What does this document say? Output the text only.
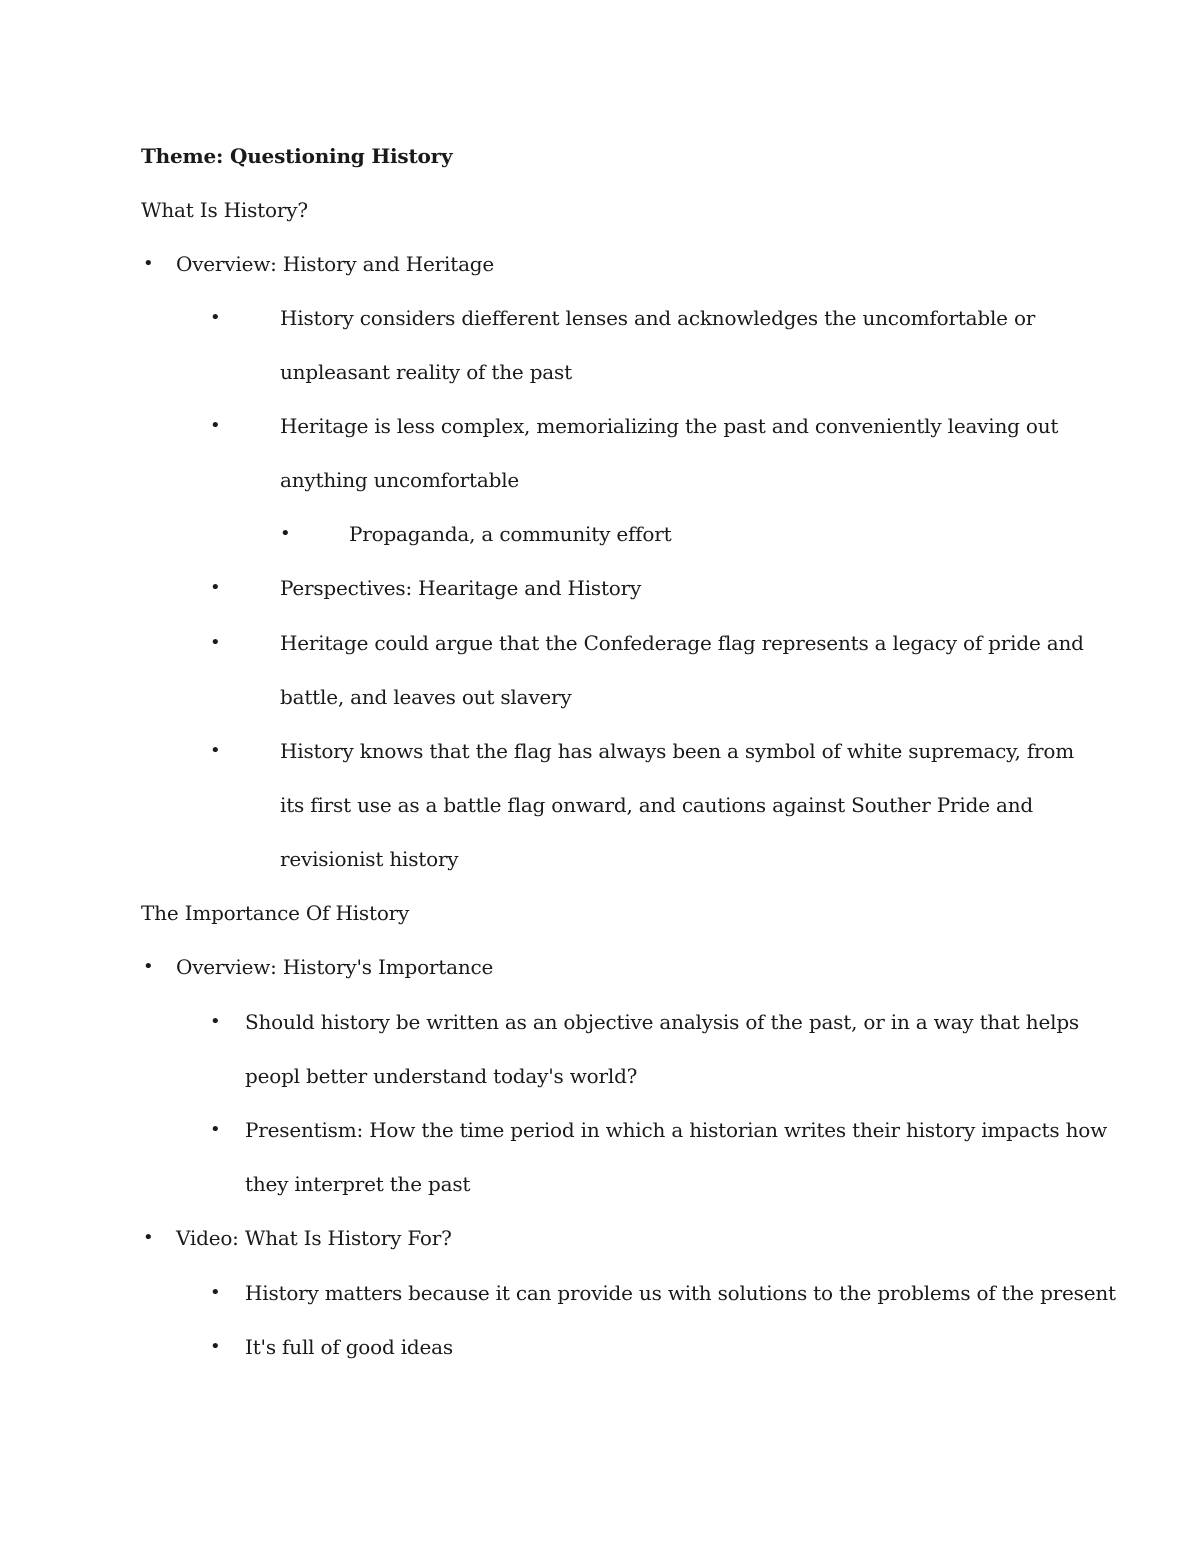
Theme: Questioning History
What Is History?
• Overview: History and Heritage
•	History considers diefferent lenses and acknowledges the uncomfortable or
unpleasant reality of the past
•	Heritage is less complex, memorializing the past and conveniently leaving out
anything uncomfortable
•	Propaganda, a community effort
•	Perspectives: Hearitage and History
•	Heritage could argue that the Confederage flag represents a legacy of pride and
battle, and leaves out slavery
•	History knows that the flag has always been a symbol of white supremacy, from
its first use as a battle flag onward, and cautions against Souther Pride and
revisionist history
The Importance Of History
• Overview: History's Importance
• Should history be written as an objective analysis of the past, or in a way that helps
peopl better understand today's world?
• Presentism: How the time period in which a historian writes their history impacts how
they interpret the past
• Video: What Is History For?
• History matters because it can provide us with solutions to the problems of the present
• It's full of good ideas
